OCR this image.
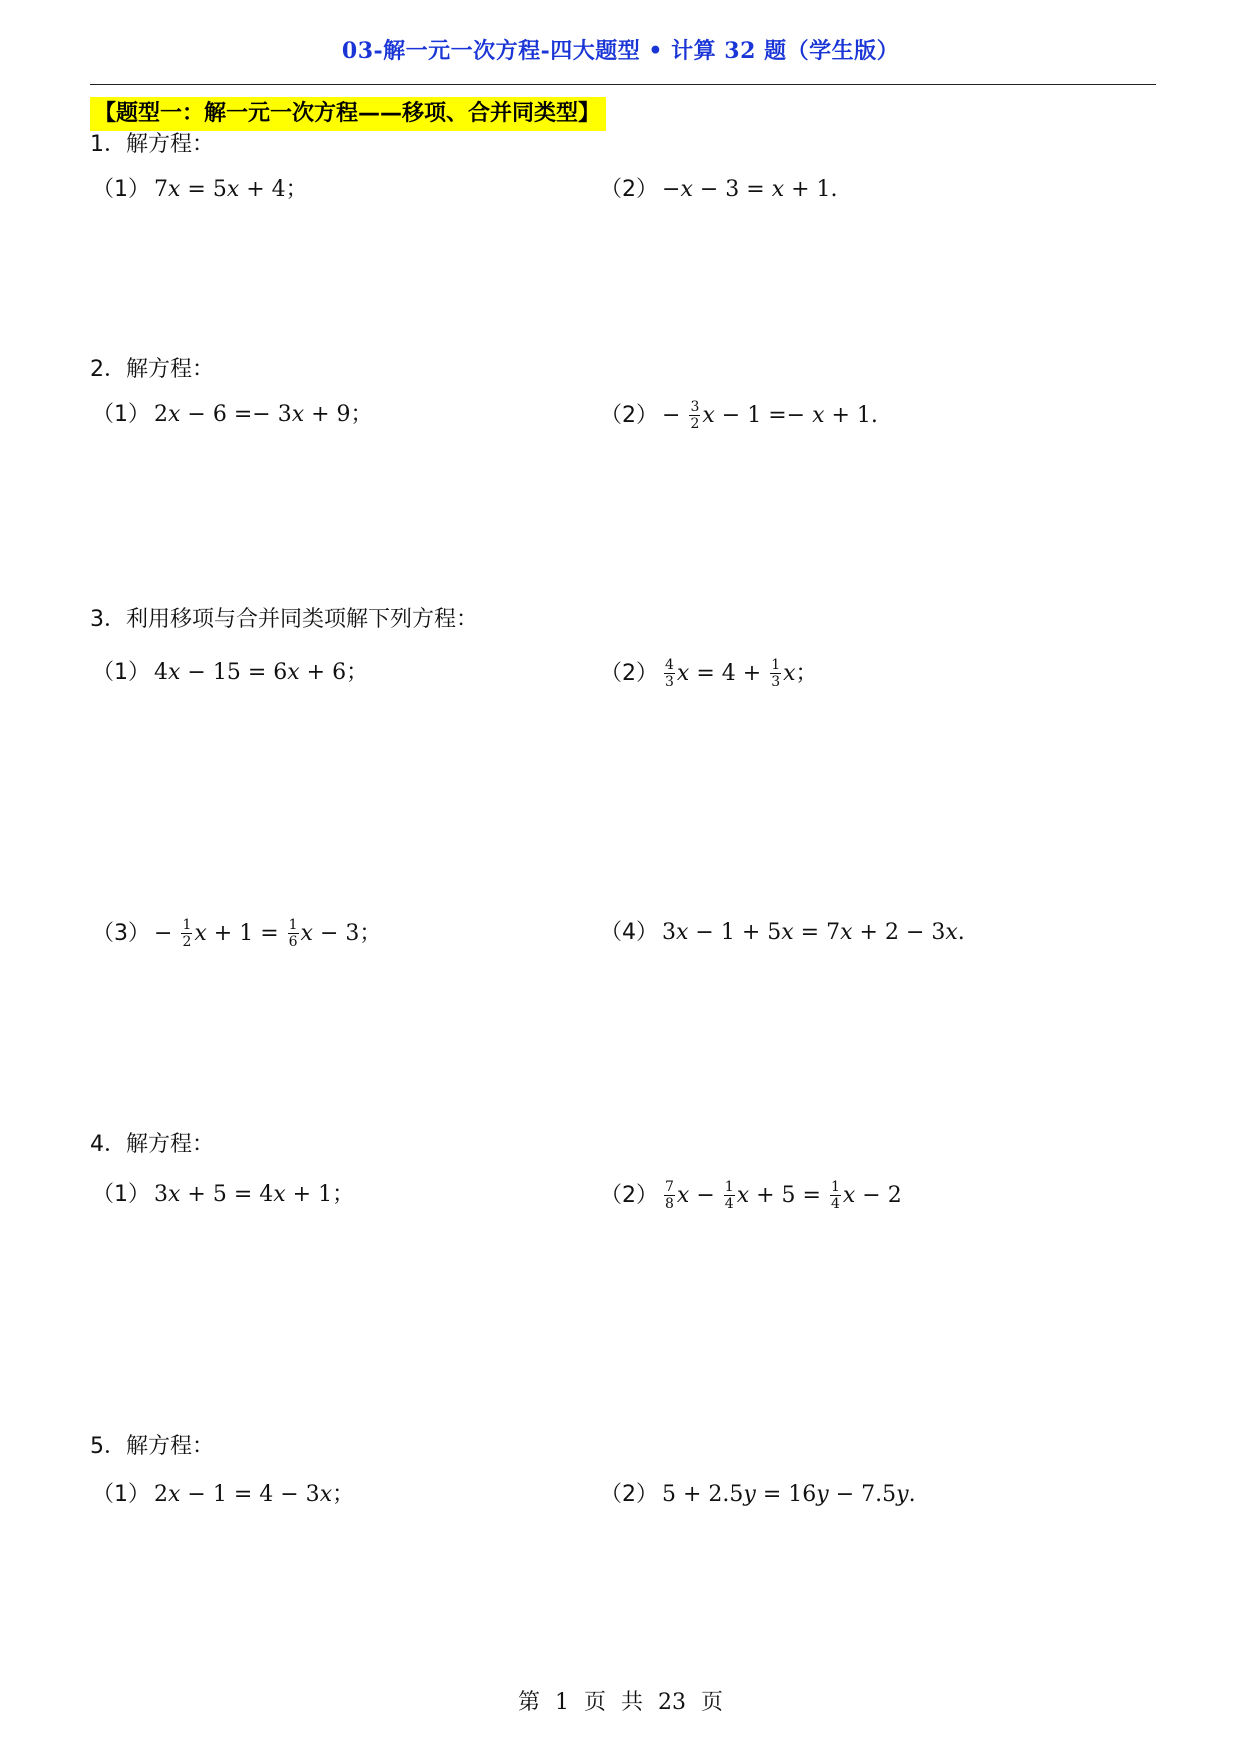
03-解一元一次方程-四大题型 • 计算 32 题（学生版）
【题型一：解一元一次方程——移项、合并同类型】
1．解方程：
（1） 7 x = 5 x + 4；	（2） − x − 3 = x + 1.
2．解方程：
（1） 2 x − 6 =− 3 x + 9；	$(2) - \frac{3}{2}$ x − 1 =− x + 1.
3．利用移项与合并同类项解下列方程：
（1） 4 x − 15 = 6 x + 6；	$(2) \frac{4}{3}$ $x = 4 + \frac{1}{3}$ x ；
$(3) - \frac{1}{2}$ $x + 1 = \frac{1}{6}$ x − 3；	（4） 3 x − 1 + 5 x = 7 x + 2 − 3 x .
4．解方程：
（1） 3 x + 5 = 4 x + 1；	$(2) \frac{7}{8}$ $x - \frac{1}{4}$ $x + 5 = \frac{1}{4}$ x − 2
5．解方程：
（1） 2 x − 1 = 4 − 3 x ；	（2） 5 + 2.5 y = 16 y − 7.5 y .
第 1 页 共 23 页
